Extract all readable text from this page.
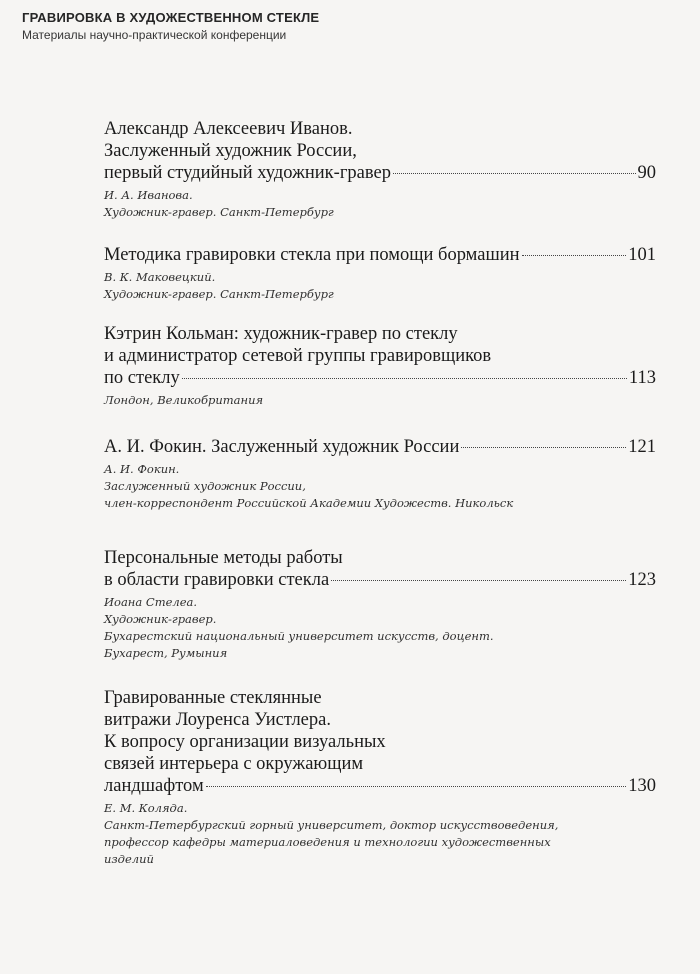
ГРАВИРОВКА В ХУДОЖЕСТВЕННОМ СТЕКЛЕ
Материалы научно-практической конференции
Александр Алексеевич Иванов.
Заслуженный художник России,
первый студийный художник-гравер	90
И. А. Иванова.
Художник-гравер. Санкт-Петербург
Методика гравировки стекла при помощи бормашин	101
В. К. Маковецкий.
Художник-гравер. Санкт-Петербург
Кэтрин Кольман: художник-гравер по стеклу
и администратор сетевой группы гравировщиков
по стеклу	113
Лондон, Великобритания
А. И. Фокин. Заслуженный художник России	121
А. И. Фокин.
Заслуженный художник России,
член-корреспондент Российской Академии Художеств. Никольск
Персональные методы работы
в области гравировки стекла	123
Иоана Стелеа.
Художник-гравер.
Бухарестский национальный университет искусств, доцент.
Бухарест, Румыния
Гравированные стеклянные
витражи Лоуренса Уистлера.
К вопросу организации визуальных
связей интерьера с окружающим
ландшафтом	130
Е. М. Коляда.
Санкт-Петербургский горный университет, доктор искусствоведения,
профессор кафедры материаловедения и технологии художественных
изделий
